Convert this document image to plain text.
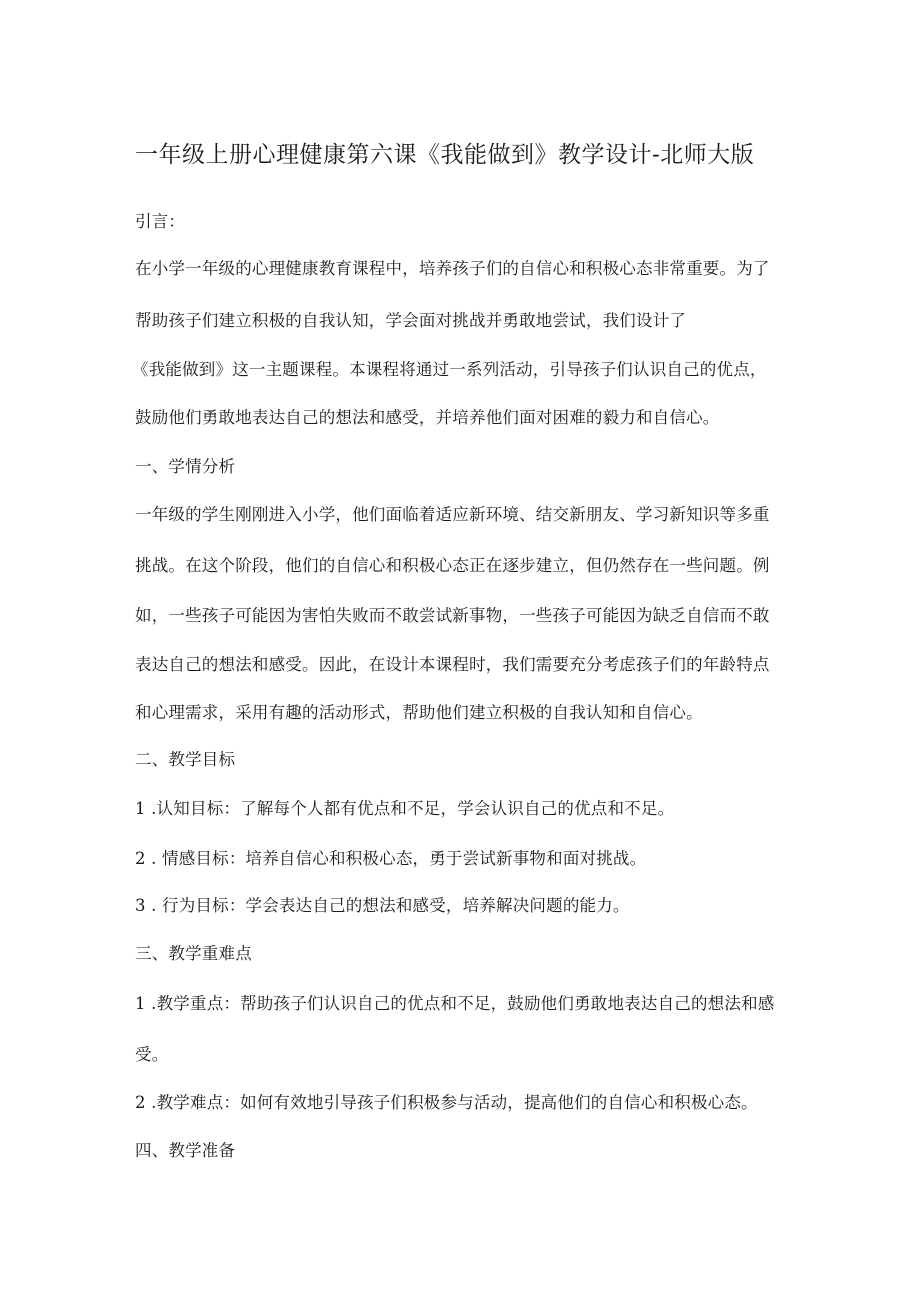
一年级上册心理健康第六课《我能做到》教学设计-北师大版
引言：
在小学一年级的心理健康教育课程中，培养孩子们的自信心和积极心态非常重要。为了
帮助孩子们建立积极的自我认知，学会面对挑战并勇敢地尝试，我们设计了
《我能做到》这一主题课程。本课程将通过一系列活动，引导孩子们认识自己的优点，
鼓励他们勇敢地表达自己的想法和感受，并培养他们面对困难的毅力和自信心。
一、学情分析
一年级的学生刚刚进入小学，他们面临着适应新环境、结交新朋友、学习新知识等多重
挑战。在这个阶段，他们的自信心和积极心态正在逐步建立，但仍然存在一些问题。例
如，一些孩子可能因为害怕失败而不敢尝试新事物，一些孩子可能因为缺乏自信而不敢
表达自己的想法和感受。因此，在设计本课程时，我们需要充分考虑孩子们的年龄特点
和心理需求，采用有趣的活动形式，帮助他们建立积极的自我认知和自信心。
二、教学目标
1 .认知目标：了解每个人都有优点和不足，学会认识自己的优点和不足。
2 . 情感目标：培养自信心和积极心态，勇于尝试新事物和面对挑战。
3 . 行为目标：学会表达自己的想法和感受，培养解决问题的能力。
三、教学重难点
1 .教学重点：帮助孩子们认识自己的优点和不足，鼓励他们勇敢地表达自己的想法和感
受。
2 .教学难点：如何有效地引导孩子们积极参与活动，提高他们的自信心和积极心态。
四、教学准备
